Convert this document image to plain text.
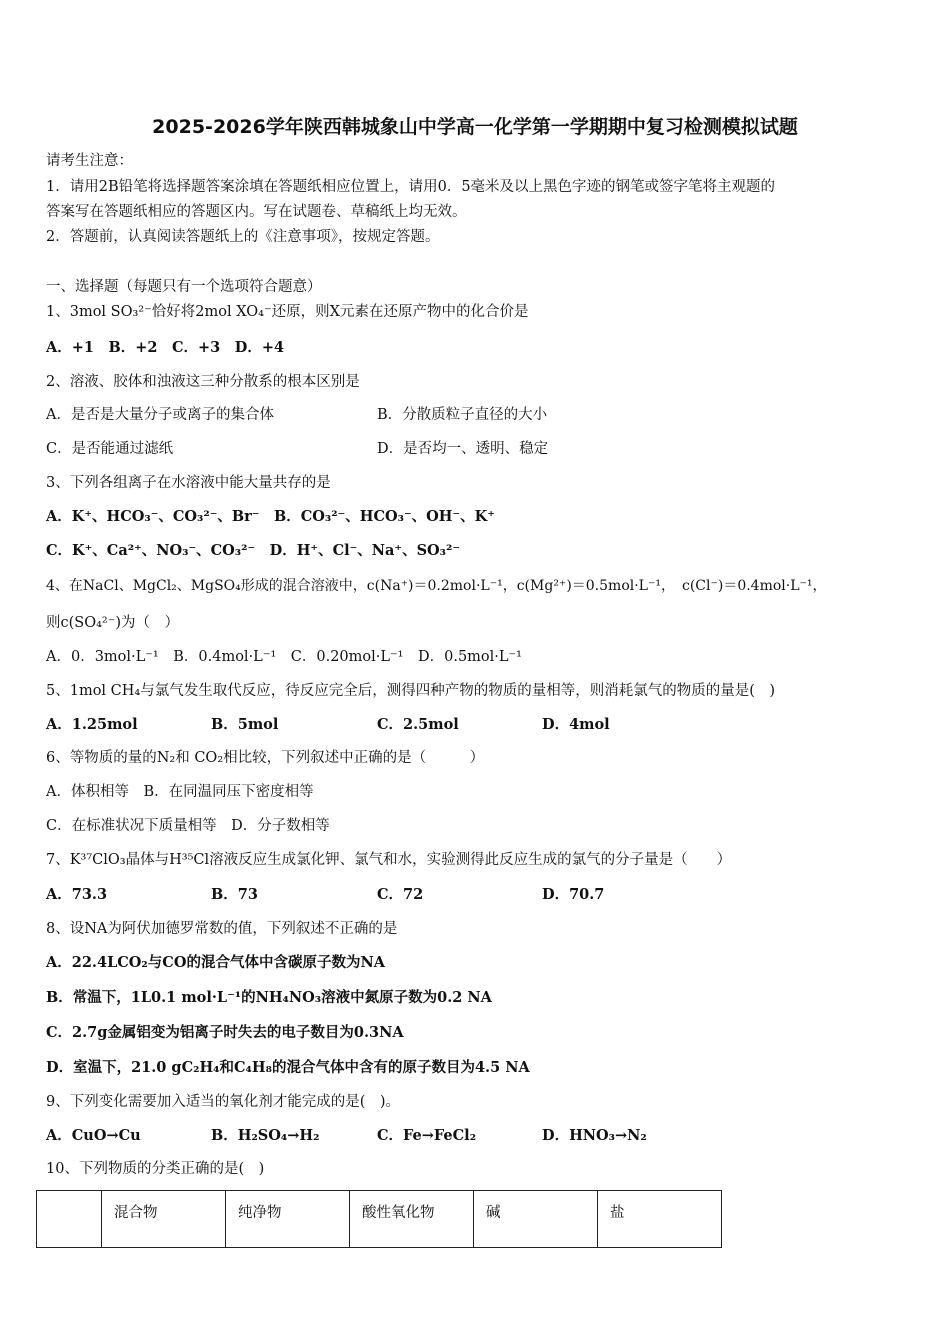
2025-2026学年陕西韩城象山中学高一化学第一学期期中复习检测模拟试题
请考生注意：
1．请用2B铅笔将选择题答案涂填在答题纸相应位置上，请用0．5毫米及以上黑色字迹的钢笔或签字笔将主观题的
答案写在答题纸相应的答题区内。写在试题卷、草稿纸上均无效。
2．答题前，认真阅读答题纸上的《注意事项》，按规定答题。
一、选择题（每题只有一个选项符合题意）
1、3mol SO₃²⁻恰好将2mol XO₄⁻还原，则X元素在还原产物中的化合价是
A．+1　B．+2　C．+3　D．+4
2、溶液、胶体和浊液这三种分散系的根本区别是
A．是否是大量分子或离子的集合体	B．分散质粒子直径的大小
C．是否能通过滤纸	D．是否均一、透明、稳定
3、下列各组离子在水溶液中能大量共存的是
A．K⁺、HCO₃⁻、CO₃²⁻、Br⁻　B．CO₃²⁻、HCO₃⁻、OH⁻、K⁺
C．K⁺、Ca²⁺、NO₃⁻、CO₃²⁻　D．H⁺、Cl⁻、Na⁺、SO₃²⁻
4、在NaCl、MgCl₂、MgSO₄形成的混合溶液中，c(Na⁺)＝0.2mol·L⁻¹，c(Mg²⁺)＝0.5mol·L⁻¹，　c(Cl⁻)＝0.4mol·L⁻¹，
则c(SO₄²⁻)为（　）
A．0．3mol·L⁻¹　B．0.4mol·L⁻¹　C．0.20mol·L⁻¹　D．0.5mol·L⁻¹
5、1mol CH₄与氯气发生取代反应，待反应完全后，测得四种产物的物质的量相等，则消耗氯气的物质的量是(　)
A．1.25mol	B．5mol	C．2.5mol	D．4mol
6、等物质的量的N₂和 CO₂相比较，下列叙述中正确的是（　　　）
A．体积相等　B．在同温同压下密度相等
C．在标准状况下质量相等　D．分子数相等
7、K³⁷ClO₃晶体与H³⁵Cl溶液反应生成氯化钾、氯气和水，实验测得此反应生成的氯气的分子量是（　　）
A．73.3	B．73	C．72	D．70.7
8、设NA为阿伏加德罗常数的值，下列叙述不正确的是
A．22.4LCO₂与CO的混合气体中含碳原子数为NA
B．常温下，1L0.1 mol·L⁻¹的NH₄NO₃溶液中氮原子数为0.2 NA
C．2.7g金属铝变为铝离子时失去的电子数目为0.3NA
D．室温下，21.0 gC₂H₄和C₄H₈的混合气体中含有的原子数目为4.5 NA
9、下列变化需要加入适当的氧化剂才能完成的是(　)。
A．CuO→Cu	B．H₂SO₄→H₂	C．Fe→FeCl₂	D．HNO₃→N₂
10、下列物质的分类正确的是(　)
	混合物	纯净物	酸性氧化物	碱	盐
